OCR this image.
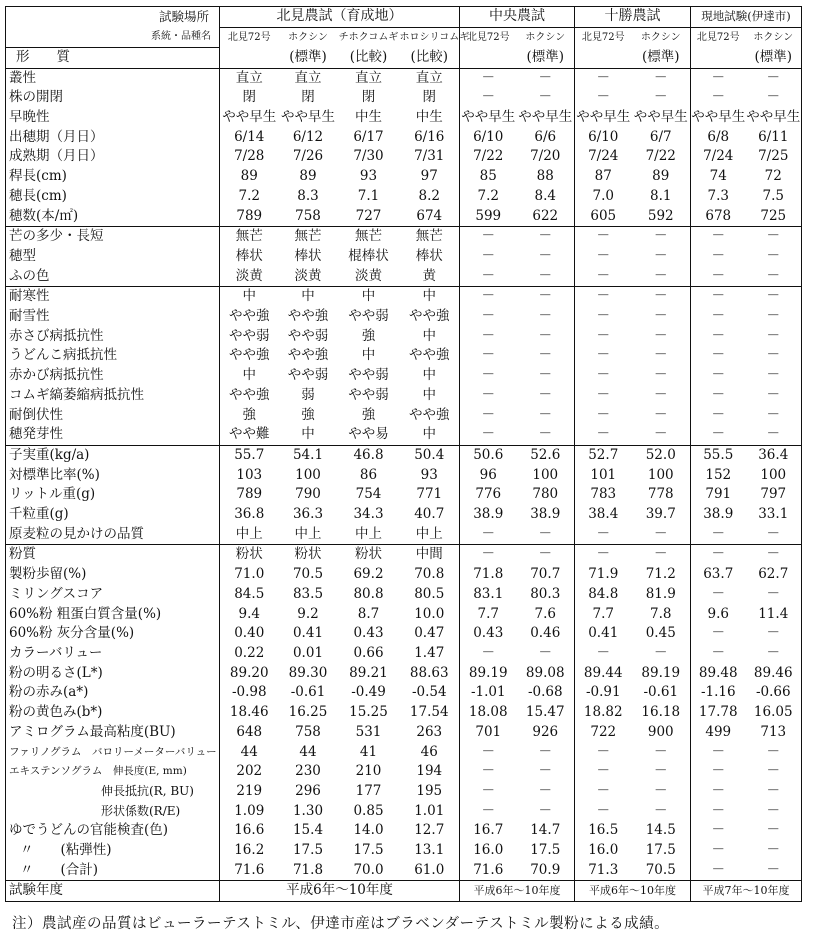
試験場所	北見農試（育成地）				中央農試		十勝農試		現地試験(伊達市)	
系統・品種名	北見72号	ホクシン	チホクコムギ	ホロシリコムギ	北見72号	ホクシン	北見72号	ホクシン	北見72号	ホクシン
形　　質		(標準)	(比較)	(比較)		(標準)		(標準)		(標準)
叢性	直立	直立	直立	直立	－	－	－	－	－	－
株の開閉	閉	閉	閉	閉	－	－	－	－	－	－
早晩性	やや早生	やや早生	中生	中生	やや早生	やや早生	やや早生	やや早生	やや早生	やや早生
出穂期（月日）	6/14	6/12	6/17	6/16	6/10	6/6	6/10	6/7	6/8	6/11
成熟期（月日）	7/28	7/26	7/30	7/31	7/22	7/20	7/24	7/22	7/24	7/25
稈長(cm)	89	89	93	97	85	88	87	89	74	72
穂長(cm)	7.2	8.3	7.1	8.2	7.2	8.4	7.0	8.1	7.3	7.5
穂数(本/㎡)	789	758	727	674	599	622	605	592	678	725
芒の多少・長短	無芒	無芒	無芒	無芒	－	－	－	－	－	－
穂型	棒状	棒状	棍棒状	棒状	－	－	－	－	－	－
ふの色	淡黄	淡黄	淡黄	黄	－	－	－	－	－	－
耐寒性	中	中	中	中	－	－	－	－	－	－
耐雪性	やや強	やや強	やや弱	やや強	－	－	－	－	－	－
赤さび病抵抗性	やや弱	やや弱	強	中	－	－	－	－	－	－
うどんこ病抵抗性	やや強	やや強	中	やや強	－	－	－	－	－	－
赤かび病抵抗性	中	やや弱	やや弱	中	－	－	－	－	－	－
コムギ縞萎縮病抵抗性	やや強	弱	やや弱	中	－	－	－	－	－	－
耐倒伏性	強	強	強	やや強	－	－	－	－	－	－
穂発芽性	やや難	中	やや易	中	－	－	－	－	－	－
子実重(kg/a)	55.7	54.1	46.8	50.4	50.6	52.6	52.7	52.0	55.5	36.4
対標準比率(%)	103	100	86	93	96	100	101	100	152	100
リットル重(g)	789	790	754	771	776	780	783	778	791	797
千粒重(g)	36.8	36.3	34.3	40.7	38.9	38.9	38.4	39.7	38.9	33.1
原麦粒の見かけの品質	中上	中上	中上	中上	－	－	－	－	－	－
粉質	粉状	粉状	粉状	中間	－	－	－	－	－	－
製粉歩留(%)	71.0	70.5	69.2	70.8	71.8	70.7	71.9	71.2	63.7	62.7
ミリングスコア	84.5	83.5	80.8	80.5	83.1	80.3	84.8	81.9	－	－
60%粉 粗蛋白質含量(%)	9.4	9.2	8.7	10.0	7.7	7.6	7.7	7.8	9.6	11.4
60%粉 灰分含量(%)	0.40	0.41	0.43	0.47	0.43	0.46	0.41	0.45	－	－
カラーバリュー	0.22	0.01	0.66	1.47	－	－	－	－	－	－
粉の明るさ(L*)	89.20	89.30	89.21	88.63	89.19	89.08	89.44	89.19	89.48	89.46
粉の赤み(a*)	-0.98	-0.61	-0.49	-0.54	-1.01	-0.68	-0.91	-0.61	-1.16	-0.66
粉の黄色み(b*)	18.46	16.25	15.25	17.54	18.08	15.47	18.82	16.18	17.78	16.05
アミログラム最高粘度(BU)	648	758	531	263	701	926	722	900	499	713
ファリノグラム　バロリーメーターバリュー	44	44	41	46	－	－	－	－	－	－
エキステンソグラム　伸長度(E, mm)	202	230	210	194	－	－	－	－	－	－
伸長抵抗(R, BU)	219	296	177	195	－	－	－	－	－	－
形状係数(R/E)	1.09	1.30	0.85	1.01	－	－	－	－	－	－
ゆでうどんの官能検査(色)	16.6	15.4	14.0	12.7	16.7	14.7	16.5	14.5	－	－
〃　　(粘弾性)	16.2	17.5	17.5	13.1	16.0	17.5	16.0	17.5	－	－
〃　　(合計)	71.6	71.8	70.0	61.0	71.6	70.9	71.3	70.5	－	－
試験年度	平成6年～10年度				平成6年～10年度		平成6年～10年度		平成7年～10年度	
注）農試産の品質はビューラーテストミル、伊達市産はブラベンダーテストミル製粉による成績。
